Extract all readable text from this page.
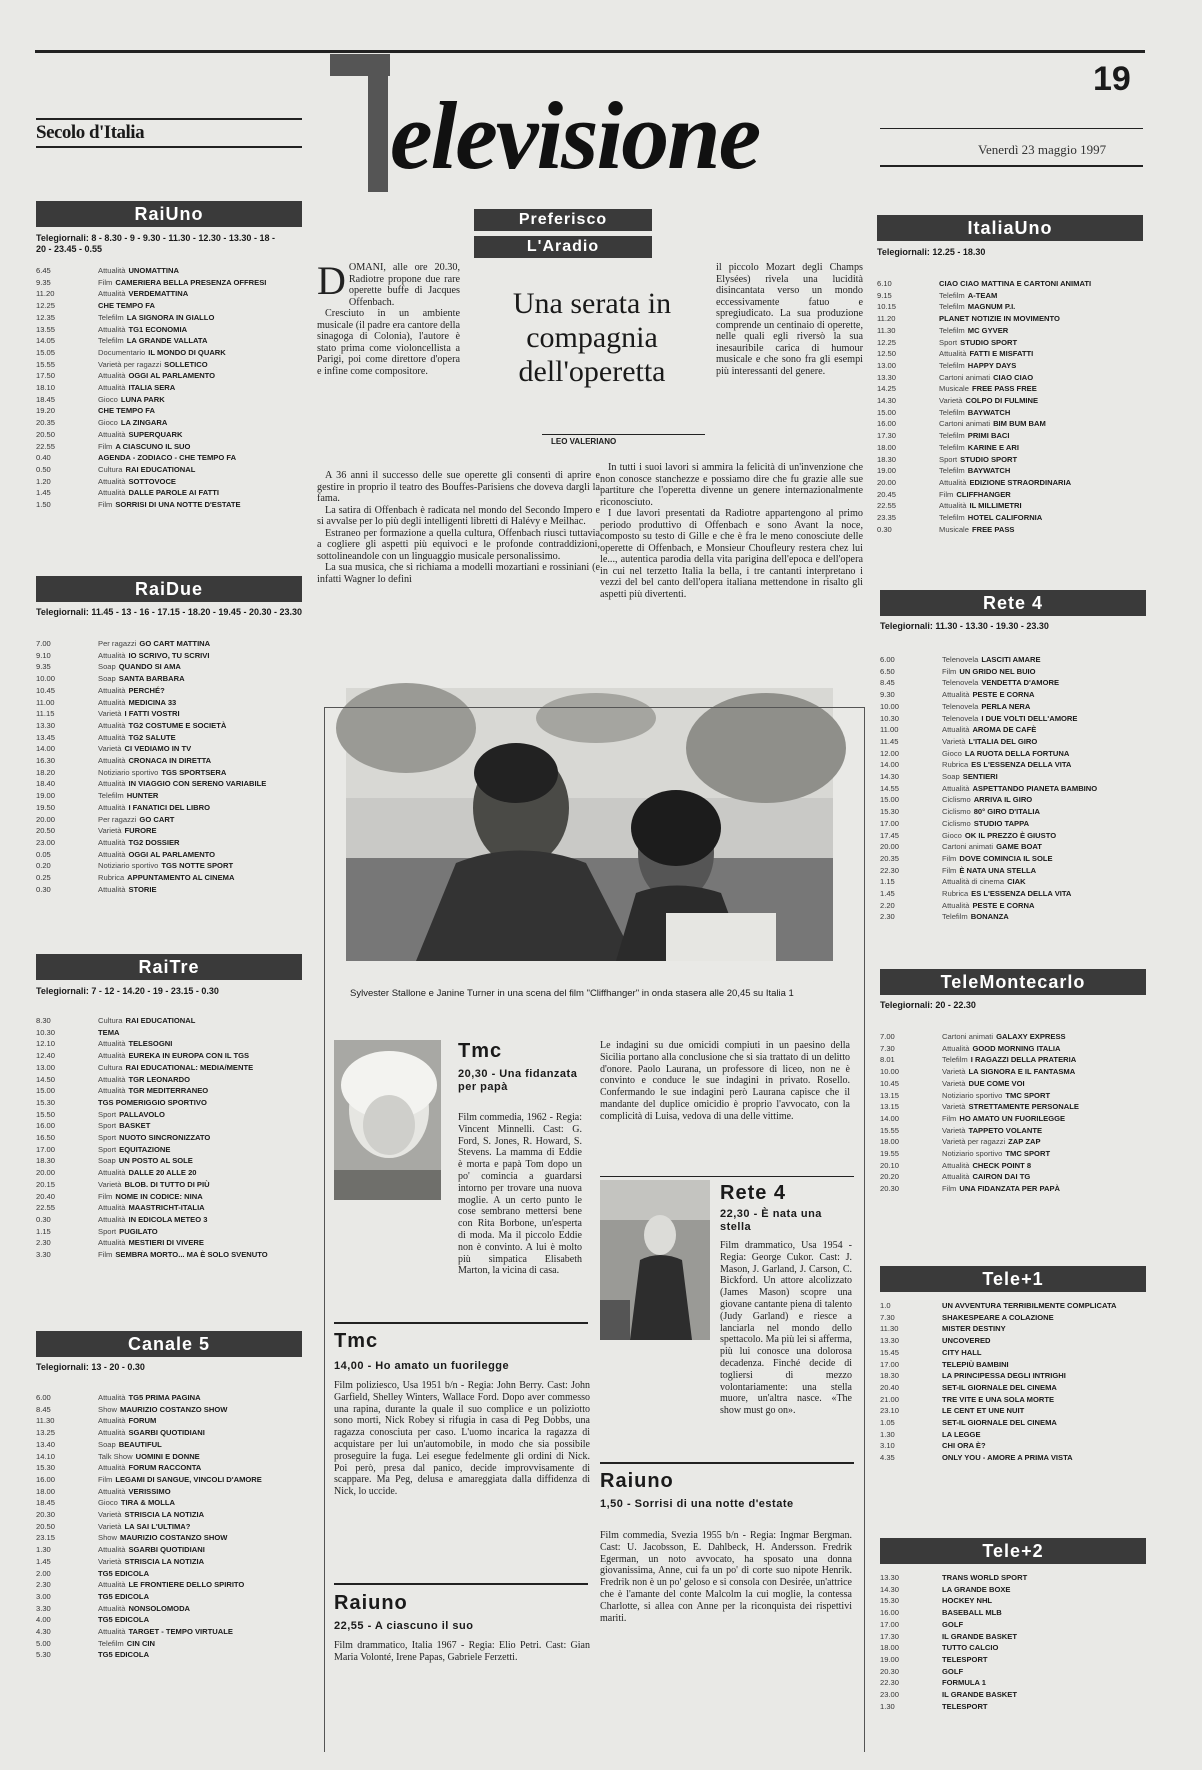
Secolo d'Italia	elevisione
19
Venerdì 23 maggio 1997
RaiUno
Telegiornali: 8 - 8.30 - 9 - 9.30 - 11.30 - 12.30 - 13.30 - 18 - 20 - 23.45 - 0.55
6.45	Attualità UNOMATTINA
9.35	Film CAMERIERA BELLA PRESENZA OFFRESI
11.20	Attualità VERDEMATTINA
12.25	CHE TEMPO FA
12.35	Telefilm LA SIGNORA IN GIALLO
13.55	Attualità TG1 ECONOMIA
14.05	Telefilm LA GRANDE VALLATA
15.05	Documentario IL MONDO DI QUARK
15.55	Varietà per ragazzi SOLLETICO
17.50	Attualità OGGI AL PARLAMENTO
18.10	Attualità ITALIA SERA
18.45	Gioco LUNA PARK
19.20	CHE TEMPO FA
20.35	Gioco LA ZINGARA
20.50	Attualità SUPERQUARK
22.55	Film A CIASCUNO IL SUO
0.40	AGENDA - ZODIACO - CHE TEMPO FA
0.50	Cultura RAI EDUCATIONAL
1.20	Attualità SOTTOVOCE
1.45	Attualità DALLE PAROLE AI FATTI
1.50	Film SORRISI DI UNA NOTTE D'ESTATE
RaiDue
Telegiornali: 11.45 - 13 - 16 - 17.15 - 18.20 - 19.45 - 20.30 - 23.30
7.00	Per ragazzi GO CART MATTINA
9.10	Attualità IO SCRIVO, TU SCRIVI
9.35	Soap QUANDO SI AMA
10.00	Soap SANTA BARBARA
10.45	Attualità PERCHÉ?
11.00	Attualità MEDICINA 33
11.15	Varietà I FATTI VOSTRI
13.30	Attualità TG2 COSTUME E SOCIETÀ
13.45	Attualità TG2 SALUTE
14.00	Varietà CI VEDIAMO IN TV
16.30	Attualità CRONACA IN DIRETTA
18.20	Notiziario sportivo TGS SPORTSERA
18.40	Attualità IN VIAGGIO CON SERENO VARIABILE
19.00	Telefilm HUNTER
19.50	Attualità I FANATICI DEL LIBRO
20.00	Per ragazzi GO CART
20.50	Varietà FURORE
23.00	Attualità TG2 DOSSIER
0.05	Attualità OGGI AL PARLAMENTO
0.20	Notiziario sportivo TGS NOTTE SPORT
0.25	Rubrica APPUNTAMENTO AL CINEMA
0.30	Attualità STORIE
RaiTre
Telegiornali: 7 - 12 - 14.20 - 19 - 23.15 - 0.30
8.30	Cultura RAI EDUCATIONAL
10.30	TEMA
12.10	Attualità TELESOGNI
12.40	Attualità EUREKA IN EUROPA CON IL TGS
13.00	Cultura RAI EDUCATIONAL: MEDIA/MENTE
14.50	Attualità TGR LEONARDO
15.00	Attualità TGR MEDITERRANEO
15.30	TGS POMERIGGIO SPORTIVO
15.50	Sport PALLAVOLO
16.00	Sport BASKET
16.50	Sport NUOTO SINCRONIZZATO
17.00	Sport EQUITAZIONE
18.30	Soap UN POSTO AL SOLE
20.00	Attualità DALLE 20 ALLE 20
20.15	Varietà BLOB. DI TUTTO DI PIÙ
20.40	Film NOME IN CODICE: NINA
22.55	Attualità MAASTRICHT-ITALIA
0.30	Attualità IN EDICOLA METEO 3
1.15	Sport PUGILATO
2.30	Attualità MESTIERI DI VIVERE
3.30	Film SEMBRA MORTO... MA È SOLO SVENUTO
Canale 5
Telegiornali: 13 - 20 - 0.30
6.00	Attualità TG5 PRIMA PAGINA
8.45	Show MAURIZIO COSTANZO SHOW
11.30	Attualità FORUM
13.25	Attualità SGARBI QUOTIDIANI
13.40	Soap BEAUTIFUL
14.10	Talk Show UOMINI E DONNE
15.30	Attualità FORUM RACCONTA
16.00	Film LEGAMI DI SANGUE, VINCOLI D'AMORE
18.00	Attualità VERISSIMO
18.45	Gioco TIRA & MOLLA
20.30	Varietà STRISCIA LA NOTIZIA
20.50	Varietà LA SAI L'ULTIMA?
23.15	Show MAURIZIO COSTANZO SHOW
1.30	Attualità SGARBI QUOTIDIANI
1.45	Varietà STRISCIA LA NOTIZIA
2.00	TG5 EDICOLA
2.30	Attualità LE FRONTIERE DELLO SPIRITO
3.00	TG5 EDICOLA
3.30	Attualità NONSOLOMODA
4.00	TG5 EDICOLA
4.30	Attualità TARGET - TEMPO VIRTUALE
5.00	Telefilm CIN CIN
5.30	TG5 EDICOLA
ItaliaUno
Telegiornali: 12.25 - 18.30
6.10	CIAO CIAO MATTINA E CARTONI ANIMATI
9.15	Telefilm A-TEAM
10.15	Telefilm MAGNUM P.I.
11.20	PLANET NOTIZIE IN MOVIMENTO
11.30	Telefilm MC GYVER
12.25	Sport STUDIO SPORT
12.50	Attualità FATTI E MISFATTI
13.00	Telefilm HAPPY DAYS
13.30	Cartoni animati CIAO CIAO
14.25	Musicale FREE PASS FREE
14.30	Varietà COLPO DI FULMINE
15.00	Telefilm BAYWATCH
16.00	Cartoni animati BIM BUM BAM
17.30	Telefilm PRIMI BACI
18.00	Telefilm KARINE E ARI
18.30	Sport STUDIO SPORT
19.00	Telefilm BAYWATCH
20.00	Attualità EDIZIONE STRAORDINARIA
20.45	Film CLIFFHANGER
22.55	Attualità IL MILLIMETRI
23.35	Telefilm HOTEL CALIFORNIA
0.30	Musicale FREE PASS
Rete 4
Telegiornali: 11.30 - 13.30 - 19.30 - 23.30
6.00	Telenovela LASCITI AMARE
6.50	Film UN GRIDO NEL BUIO
8.45	Telenovela VENDETTA D'AMORE
9.30	Attualità PESTE E CORNA
10.00	Telenovela PERLA NERA
10.30	Telenovela I DUE VOLTI DELL'AMORE
11.00	Attualità AROMA DE CAFÈ
11.45	Varietà L'ITALIA DEL GIRO
12.00	Gioco LA RUOTA DELLA FORTUNA
14.00	Rubrica ES L'ESSENZA DELLA VITA
14.30	Soap SENTIERI
14.55	Attualità ASPETTANDO PIANETA BAMBINO
15.00	Ciclismo ARRIVA IL GIRO
15.30	Ciclismo 80° GIRO D'ITALIA
17.00	Ciclismo STUDIO TAPPA
17.45	Gioco OK IL PREZZO È GIUSTO
20.00	Cartoni animati GAME BOAT
20.35	Film DOVE COMINCIA IL SOLE
22.30	Film È NATA UNA STELLA
1.15	Attualità di cinema CIAK
1.45	Rubrica ES L'ESSENZA DELLA VITA
2.20	Attualità PESTE E CORNA
2.30	Telefilm BONANZA
TeleMontecarlo
Telegiornali: 20 - 22.30
7.00	Cartoni animati GALAXY EXPRESS
7.30	Attualità GOOD MORNING ITALIA
8.01	Telefilm I RAGAZZI DELLA PRATERIA
10.00	Varietà LA SIGNORA E IL FANTASMA
10.45	Varietà DUE COME VOI
13.15	Notiziario sportivo TMC SPORT
13.15	Varietà STRETTAMENTE PERSONALE
14.00	Film HO AMATO UN FUORILEGGE
15.55	Varietà TAPPETO VOLANTE
18.00	Varietà per ragazzi ZAP ZAP
19.55	Notiziario sportivo TMC SPORT
20.10	Attualità CHECK POINT 8
20.20	Attualità CAIRON DAI TG
20.30	Film UNA FIDANZATA PER PAPÀ
Tele+1
1.0	UN AVVENTURA TERRIBILMENTE COMPLICATA
7.30	SHAKESPEARE A COLAZIONE
11.30	MISTER DESTINY
13.30	UNCOVERED
15.45	CITY HALL
17.00	TELEPIÙ BAMBINI
18.30	LA PRINCIPESSA DEGLI INTRIGHI
20.40	SET-IL GIORNALE DEL CINEMA
21.00	TRE VITE E UNA SOLA MORTE
23.10	LE CENT ET UNE NUIT
1.05	SET-IL GIORNALE DEL CINEMA
1.30	LA LEGGE
3.10	CHI ORA È?
4.35	ONLY YOU - AMORE A PRIMA VISTA
Tele+2
13.30	TRANS WORLD SPORT
14.30	LA GRANDE BOXE
15.30	HOCKEY NHL
16.00	BASEBALL MLB
17.00	GOLF
17.30	IL GRANDE BASKET
18.00	TUTTO CALCIO
19.00	TELESPORT
20.30	GOLF
22.30	FORMULA 1
23.00	IL GRANDE BASKET
1.30	TELESPORT
Preferisco
L'Aradio
DOMANI, alle ore 20.30, Radiotre propone due rare operette buffe di Jacques Offenbach.

Cresciuto in un ambiente musicale (il padre era cantore della sinagoga di Colonia), l'autore è stato prima come violoncellista a Parigi, poi come direttore d'opera e infine come compositore.

Una serata in compagnia dell'operetta
LEO VALERIANO

A 36 anni il successo delle sue operette gli consentì di aprire e gestire in proprio il teatro des Bouffes-Parisiens che doveva dargli la fama.

La satira di Offenbach è radicata nel mondo del Secondo Impero e si avvalse per lo più degli intelligenti libretti di Halévy e Meilhac.

Estraneo per formazione a quella cultura, Offenbach riuscì tuttavia a cogliere gli aspetti più equivoci e le profonde contraddizioni, sottolineandole con un linguaggio musicale personalissimo.

La sua musica, che si richiama a modelli mozartiani e rossiniani (e infatti Wagner lo definì

il piccolo Mozart degli Champs Elysées) rivela una lucidità disincantata verso un mondo eccessivamente fatuo e spregiudicato. La sua produzione comprende un centinaio di operette, nelle quali egli riversò la sua inesauribile carica di humour musicale e che sono fra gli esempi più interessanti del genere.

In tutti i suoi lavori si ammira la felicità di un'invenzione che non conosce stanchezze e possiamo dire che fu grazie alle sue partiture che l'operetta divenne un genere internazionalmente riconosciuto.

I due lavori presentati da Radiotre appartengono al primo periodo produttivo di Offenbach e sono Avant la noce, composto su testo di Gille e che è fra le meno conosciute delle operette di Offenbach, e Monsieur Choufleury restera chez lui le..., autentica parodia della vita parigina dell'epoca e dell'opera in cui nel terzetto Italia la bella, i tre cantanti interpretano i vezzi del bel canto dell'opera italiana mettendone in risalto gli aspetti più divertenti.

Sylvester Stallone e Janine Turner in una scena del film "Cliffhanger" in onda stasera alle 20,45 su Italia 1
Tmc
20,30 - Una fidanzata per papà
Film commedia, 1962 - Regia: Vincent Minnelli. Cast: G. Ford, S. Jones, R. Howard, S. Stevens. La mamma di Eddie è morta e papà Tom dopo un po' comincia a guardarsi intorno per trovare una nuova moglie. A un certo punto le cose sembrano mettersi bene con Rita Borbone, un'esperta di moda. Ma il piccolo Eddie non è convinto. A lui è molto più simpatica Elisabeth Marton, la vicina di casa.
Tmc
14,00 - Ho amato un fuorilegge
Film poliziesco, Usa 1951 b/n - Regia: John Berry. Cast: John Garfield, Shelley Winters, Wallace Ford. Dopo aver commesso una rapina, durante la quale il suo complice e un poliziotto sono morti, Nick Robey si rifugia in casa di Peg Dobbs, una ragazza conosciuta per caso. L'uomo incarica la ragazza di acquistare per lui un'automobile, in modo che sia possibile proseguire la fuga. Lei esegue fedelmente gli ordini di Nick. Poi però, presa dal panico, decide improvvisamente di scappare. Ma Peg, delusa e amareggiata dalla diffidenza di Nick, lo uccide.
Raiuno
22,55 - A ciascuno il suo
Film drammatico, Italia 1967 - Regia: Elio Petri. Cast: Gian Maria Volonté, Irene Papas, Gabriele Ferzetti.
Le indagini su due omicidi compiuti in un paesino della Sicilia portano alla conclusione che si sia trattato di un delitto d'onore. Paolo Laurana, un professore di liceo, non ne è convinto e conduce le sue indagini in privato. Rosello. Confermando le sue indagini però Laurana capisce che il mandante del duplice omicidio è proprio l'avvocato, con la complicità di Luisa, vedova di una delle vittime.
Rete 4
22,30 - È nata una stella
Film drammatico, Usa 1954 - Regia: George Cukor. Cast: J. Mason, J. Garland, J. Carson, C. Bickford. Un attore alcolizzato (James Mason) scopre una giovane cantante piena di talento (Judy Garland) e riesce a lanciarla nel mondo dello spettacolo. Ma più lei si afferma, più lui conosce una dolorosa decadenza. Finché decide di togliersi di mezzo volontariamente: una stella muore, un'altra nasce. «The show must go on».
Raiuno
1,50 - Sorrisi di una notte d'estate
Film commedia, Svezia 1955 b/n - Regia: Ingmar Bergman. Cast: U. Jacobsson, E. Dahlbeck, H. Andersson. Fredrik Egerman, un noto avvocato, ha sposato una donna giovanissima, Anne, cui fa un po' di corte suo nipote Henrik. Fredrik non è un po' geloso e si consola con Desirée, un'attrice che è l'amante del conte Malcolm la cui moglie, la contessa Charlotte, si allea con Anne per la riconquista dei rispettivi mariti.
